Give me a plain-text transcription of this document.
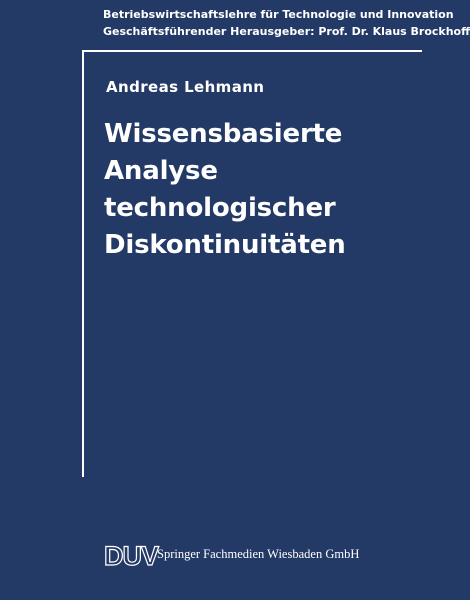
Betriebswirtschaftslehre für Technologie und Innovation
Geschäftsführender Herausgeber: Prof. Dr. Klaus Brockhoff
Andreas Lehmann
Wissensbasierte
Analyse
technologischer
Diskontinuitäten
DUV
Springer Fachmedien Wiesbaden GmbH
